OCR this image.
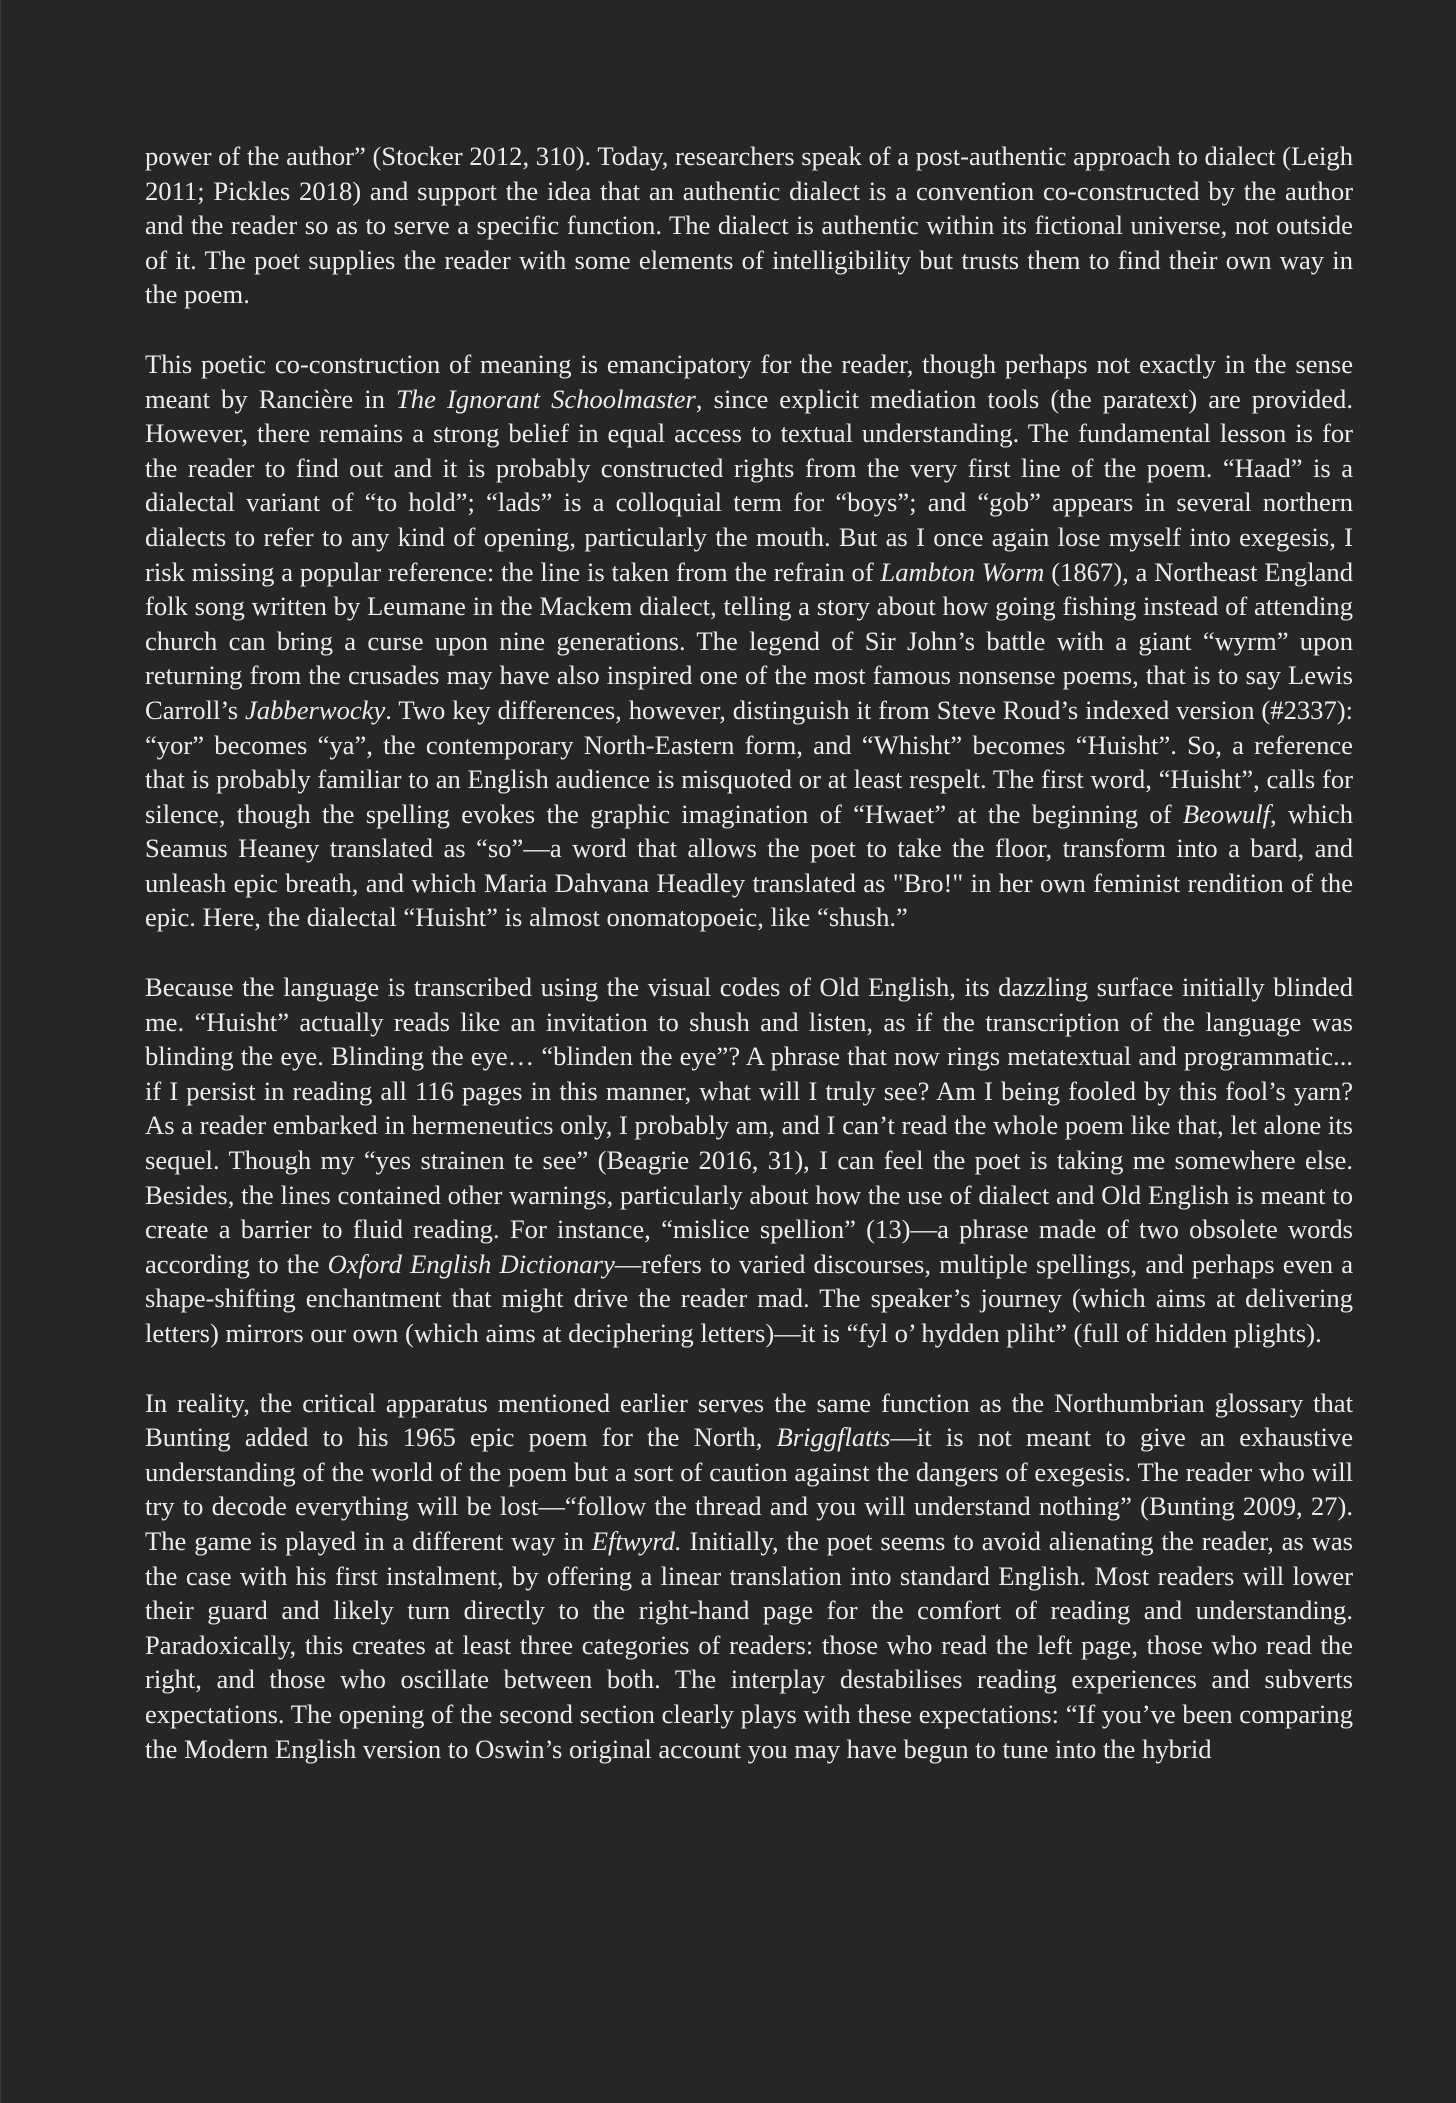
power of the author” (Stocker 2012, 310). Today, researchers speak of a post-authentic approach to dialect (Leigh 2011; Pickles 2018) and support the idea that an authentic dialect is a convention co-constructed by the author and the reader so as to serve a specific function. The dialect is authentic within its fictional universe, not outside of it. The poet supplies the reader with some elements of intelligibility but trusts them to find their own way in the poem.

This poetic co-construction of meaning is emancipatory for the reader, though perhaps not exactly in the sense meant by Rancière in The Ignorant Schoolmaster, since explicit mediation tools (the paratext) are provided. However, there remains a strong belief in equal access to textual understanding. The fundamental lesson is for the reader to find out and it is probably constructed rights from the very first line of the poem. “Haad” is a dialectal variant of “to hold”; “lads” is a colloquial term for “boys”; and “gob” appears in several northern dialects to refer to any kind of opening, particularly the mouth. But as I once again lose myself into exegesis, I risk missing a popular reference: the line is taken from the refrain of Lambton Worm (1867), a Northeast England folk song written by Leumane in the Mackem dialect, telling a story about how going fishing instead of attending church can bring a curse upon nine generations. The legend of Sir John’s battle with a giant “wyrm” upon returning from the crusades may have also inspired one of the most famous nonsense poems, that is to say Lewis Carroll’s Jabberwocky. Two key differences, however, distinguish it from Steve Roud’s indexed version (#2337): “yor” becomes “ya”, the contemporary North-Eastern form, and “Whisht” becomes “Huisht”. So, a reference that is probably familiar to an English audience is misquoted or at least respelt. The first word, “Huisht”, calls for silence, though the spelling evokes the graphic imagination of “Hwaet” at the beginning of Beowulf, which Seamus Heaney translated as “so”—a word that allows the poet to take the floor, transform into a bard, and unleash epic breath, and which Maria Dahvana Headley translated as "Bro!" in her own feminist rendition of the epic. Here, the dialectal “Huisht” is almost onomatopoeic, like “shush.”

Because the language is transcribed using the visual codes of Old English, its dazzling surface initially blinded me. “Huisht” actually reads like an invitation to shush and listen, as if the transcription of the language was blinding the eye. Blinding the eye… “blinden the eye”? A phrase that now rings metatextual and programmatic... if I persist in reading all 116 pages in this manner, what will I truly see? Am I being fooled by this fool’s yarn? As a reader embarked in hermeneutics only, I probably am, and I can’t read the whole poem like that, let alone its sequel. Though my “yes strainen te see” (Beagrie 2016, 31), I can feel the poet is taking me somewhere else. Besides, the lines contained other warnings, particularly about how the use of dialect and Old English is meant to create a barrier to fluid reading. For instance, “mislice spellion” (13)—a phrase made of two obsolete words according to the Oxford English Dictionary—refers to varied discourses, multiple spellings, and perhaps even a shape-shifting enchantment that might drive the reader mad. The speaker’s journey (which aims at delivering letters) mirrors our own (which aims at deciphering letters)—it is “fyl o’ hydden pliht” (full of hidden plights).

In reality, the critical apparatus mentioned earlier serves the same function as the Northumbrian glossary that Bunting added to his 1965 epic poem for the North, Briggflatts—it is not meant to give an exhaustive understanding of the world of the poem but a sort of caution against the dangers of exegesis. The reader who will try to decode everything will be lost—“follow the thread and you will understand nothing” (Bunting 2009, 27). The game is played in a different way in Eftwyrd. Initially, the poet seems to avoid alienating the reader, as was the case with his first instalment, by offering a linear translation into standard English. Most readers will lower their guard and likely turn directly to the right-hand page for the comfort of reading and understanding. Paradoxically, this creates at least three categories of readers: those who read the left page, those who read the right, and those who oscillate between both. The interplay destabilises reading experiences and subverts expectations. The opening of the second section clearly plays with these expectations: “If you’ve been comparing the Modern English version to Oswin’s original account you may have begun to tune into the hybrid
